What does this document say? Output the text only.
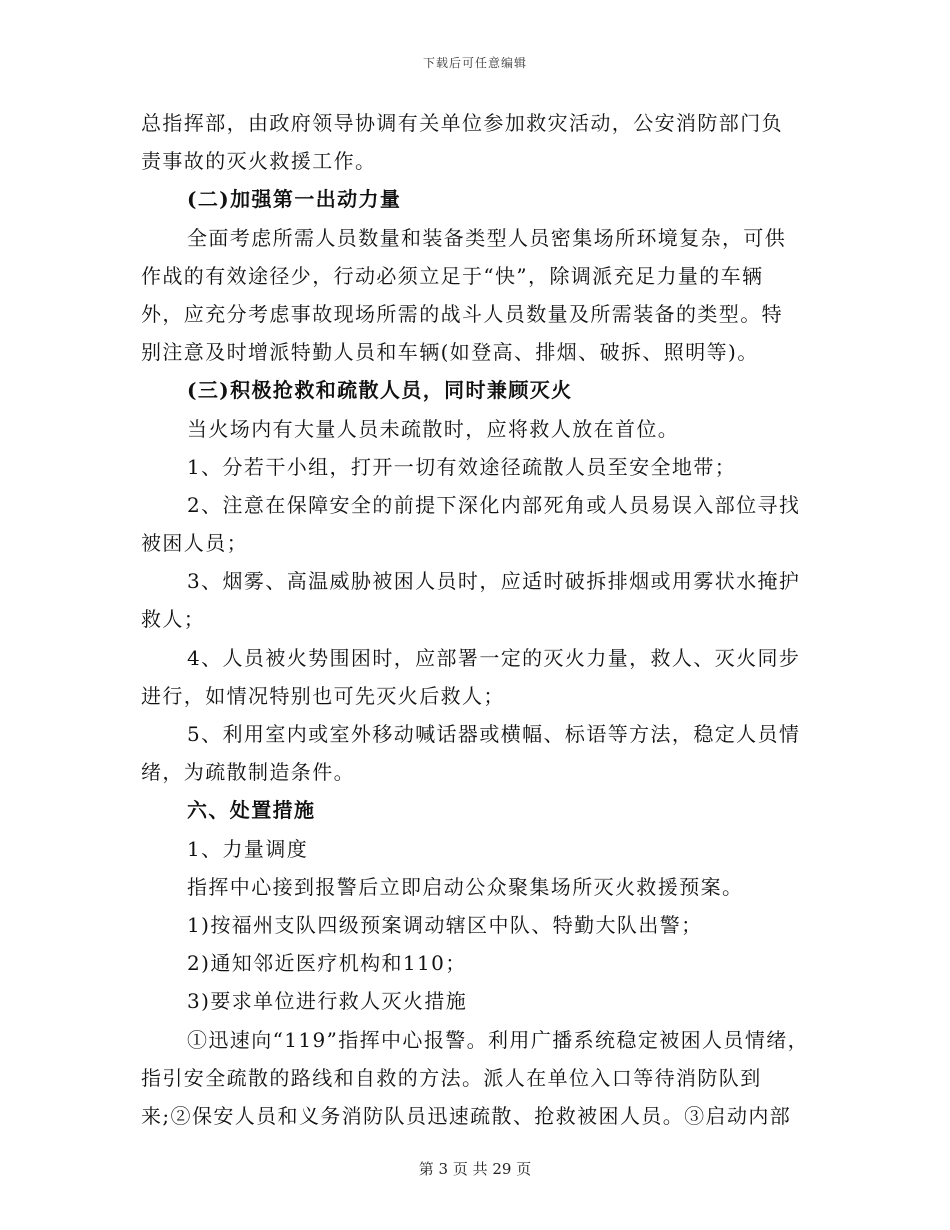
下载后可任意编辑
总指挥部，由政府领导协调有关单位参加救灾活动，公安消防部门负
责事故的灭火救援工作。
(二)加强第一出动力量
全面考虑所需人员数量和装备类型人员密集场所环境复杂，可供
作战的有效途径少，行动必须立足于“快”，除调派充足力量的车辆
外，应充分考虑事故现场所需的战斗人员数量及所需装备的类型。特
别注意及时增派特勤人员和车辆(如登高、排烟、破拆、照明等)。
(三)积极抢救和疏散人员，同时兼顾灭火
当火场内有大量人员未疏散时，应将救人放在首位。
1、分若干小组，打开一切有效途径疏散人员至安全地带；
2、注意在保障安全的前提下深化内部死角或人员易误入部位寻找
被困人员；
3、烟雾、高温威胁被困人员时，应适时破拆排烟或用雾状水掩护
救人；
4、人员被火势围困时，应部署一定的灭火力量，救人、灭火同步
进行，如情况特别也可先灭火后救人；
5、利用室内或室外移动喊话器或横幅、标语等方法，稳定人员情
绪，为疏散制造条件。
六、处置措施
1、力量调度
指挥中心接到报警后立即启动公众聚集场所灭火救援预案。
1)按福州支队四级预案调动辖区中队、特勤大队出警；
2)通知邻近医疗机构和110；
3)要求单位进行救人灭火措施
①迅速向“119”指挥中心报警。利用广播系统稳定被困人员情绪，
指引安全疏散的路线和自救的方法。派人在单位入口等待消防队到
来;②保安人员和义务消防队员迅速疏散、抢救被困人员。③启动内部
第 3 页 共 29 页
